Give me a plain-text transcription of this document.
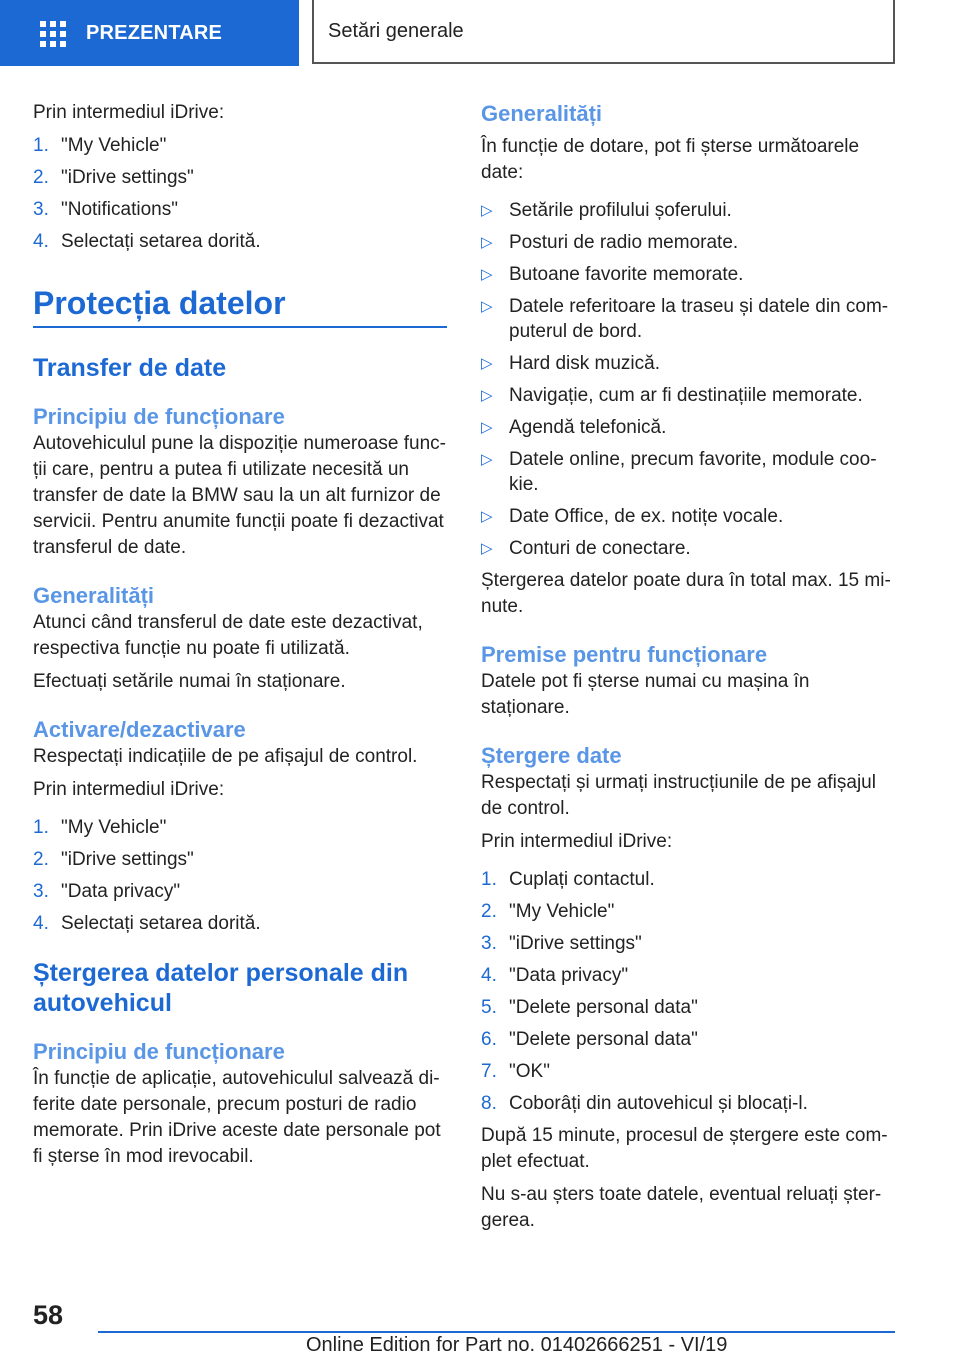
PREZENTARE	Setări generale

Prin intermediul iDrive:

1. "My Vehicle"
2. "iDrive settings"
3. "Notifications"
4. Selectați setarea dorită.
Protecția datelor
Transfer de date
Principiu de funcționare

Autovehiculul pune la dispoziție numeroase func-ții care, pentru a putea fi utilizate necesită un transfer de date la BMW sau la un alt furnizor de servicii. Pentru anumite funcții poate fi dezactivat transferul de date.

Generalități

Atunci când transferul de date este dezactivat, respectiva funcție nu poate fi utilizată.

Efectuați setările numai în staționare.

Activare/dezactivare

Respectați indicațiile de pe afișajul de control.

Prin intermediul iDrive:

1. "My Vehicle"
2. "iDrive settings"
3. "Data privacy"
4. Selectați setarea dorită.
Ștergerea datelor personale din autovehicul
Principiu de funcționare

În funcție de aplicație, autovehiculul salvează di-ferite date personale, precum posturi de radio memorate. Prin iDrive aceste date personale pot fi șterse în mod irevocabil.

Generalități

În funcție de dotare, pot fi șterse următoarele date:

▷ Setările profilului șoferului.
▷ Posturi de radio memorate.
▷ Butoane favorite memorate.
▷ Datele referitoare la traseu și datele din com-puterul de bord.
▷ Hard disk muzică.
▷ Navigație, cum ar fi destinațiile memorate.
▷ Agendă telefonică.
▷ Datele online, precum favorite, module coo-kie.
▷ Date Office, de ex. notițe vocale.
▷ Conturi de conectare.

Ștergerea datelor poate dura în total max. 15 mi-nute.

Premise pentru funcționare

Datele pot fi șterse numai cu mașina în staționare.

Ștergere date

Respectați și urmați instrucțiunile de pe afișajul de control.

Prin intermediul iDrive:

1. Cuplați contactul.
2. "My Vehicle"
3. "iDrive settings"
4. "Data privacy"
5. "Delete personal data"
6. "Delete personal data"
7. "OK"
8. Coborâți din autovehicul și blocați-l.

După 15 minute, procesul de ștergere este com-plet efectuat.

Nu s-au șters toate datele, eventual reluați șter-gerea.

58
Online Edition for Part no. 01402666251 - VI/19
